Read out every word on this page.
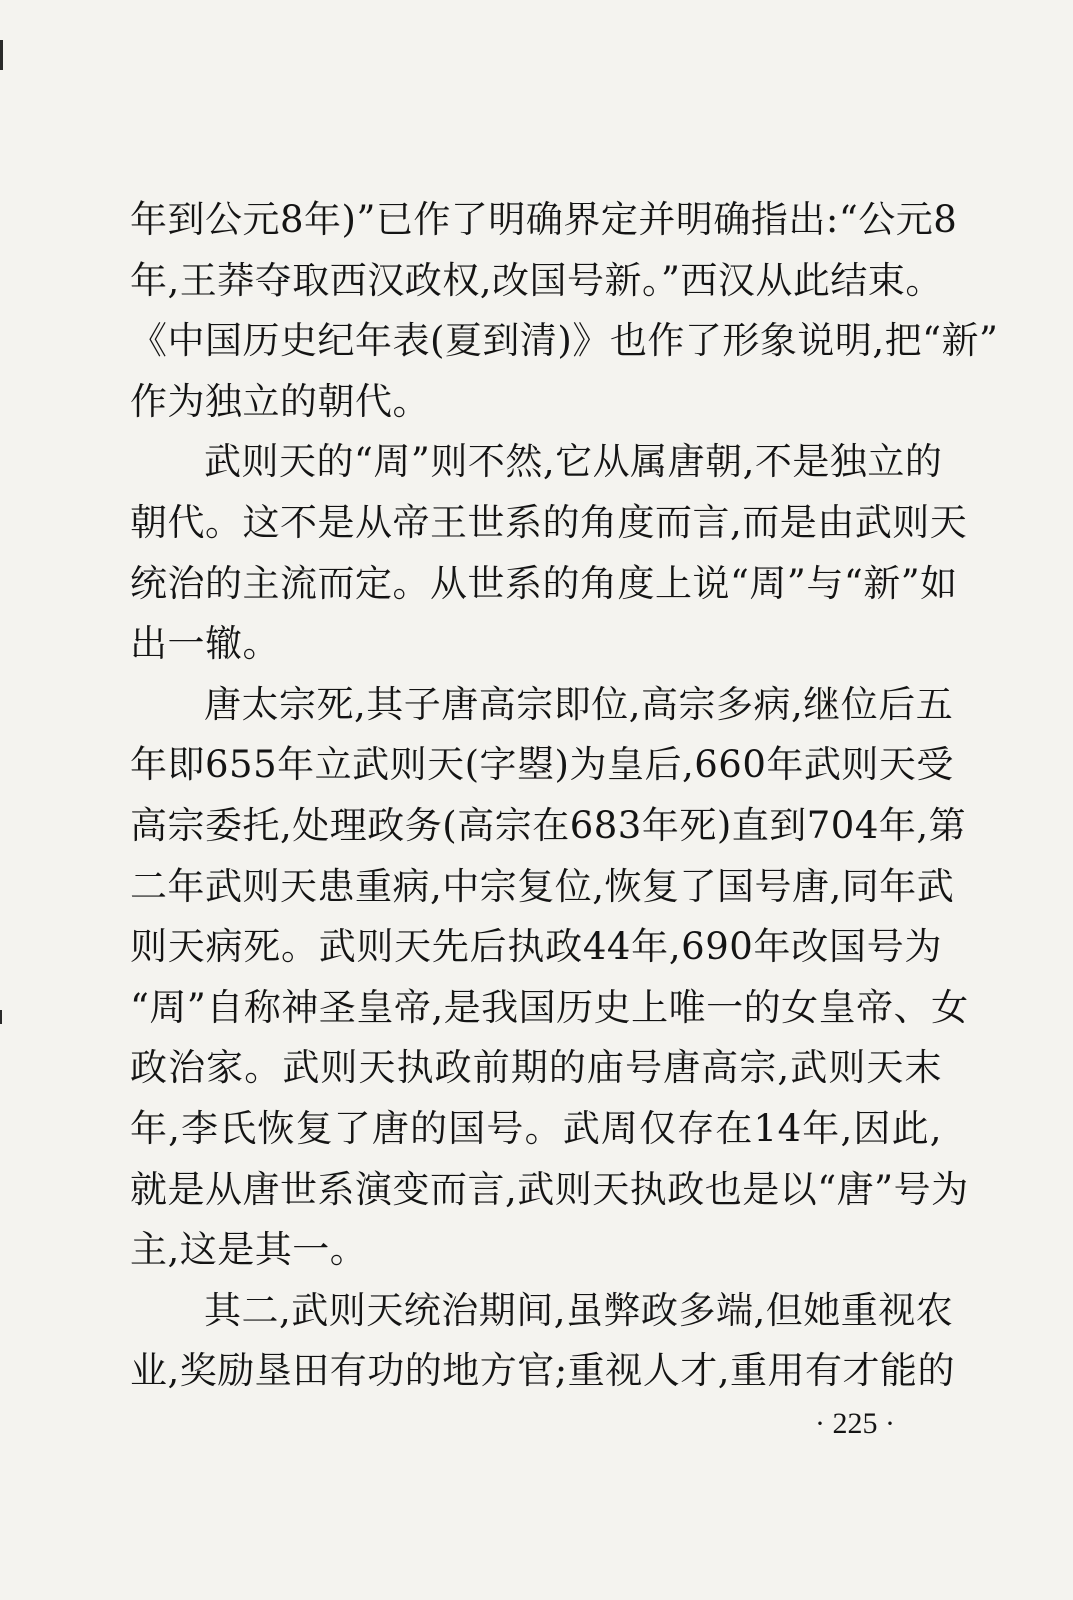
年到公元8年)”已作了明确界定并明确指出:“公元8
年,王莽夺取西汉政权,改国号新。”西汉从此结束。
《中国历史纪年表(夏到清)》也作了形象说明,把“新”
作为独立的朝代。
武则天的“周”则不然,它从属唐朝,不是独立的
朝代。这不是从帝王世系的角度而言,而是由武则天
统治的主流而定。从世系的角度上说“周”与“新”如
出一辙。
唐太宗死,其子唐高宗即位,高宗多病,继位后五
年即655年立武则天(字曌)为皇后,660年武则天受
高宗委托,处理政务(高宗在683年死)直到704年,第
二年武则天患重病,中宗复位,恢复了国号唐,同年武
则天病死。武则天先后执政44年,690年改国号为
“周”自称神圣皇帝,是我国历史上唯一的女皇帝、女
政治家。武则天执政前期的庙号唐高宗,武则天末
年,李氏恢复了唐的国号。武周仅存在14年,因此,
就是从唐世系演变而言,武则天执政也是以“唐”号为
主,这是其一。
其二,武则天统治期间,虽弊政多端,但她重视农
业,奖励垦田有功的地方官;重视人才,重用有才能的
· 225 ·
